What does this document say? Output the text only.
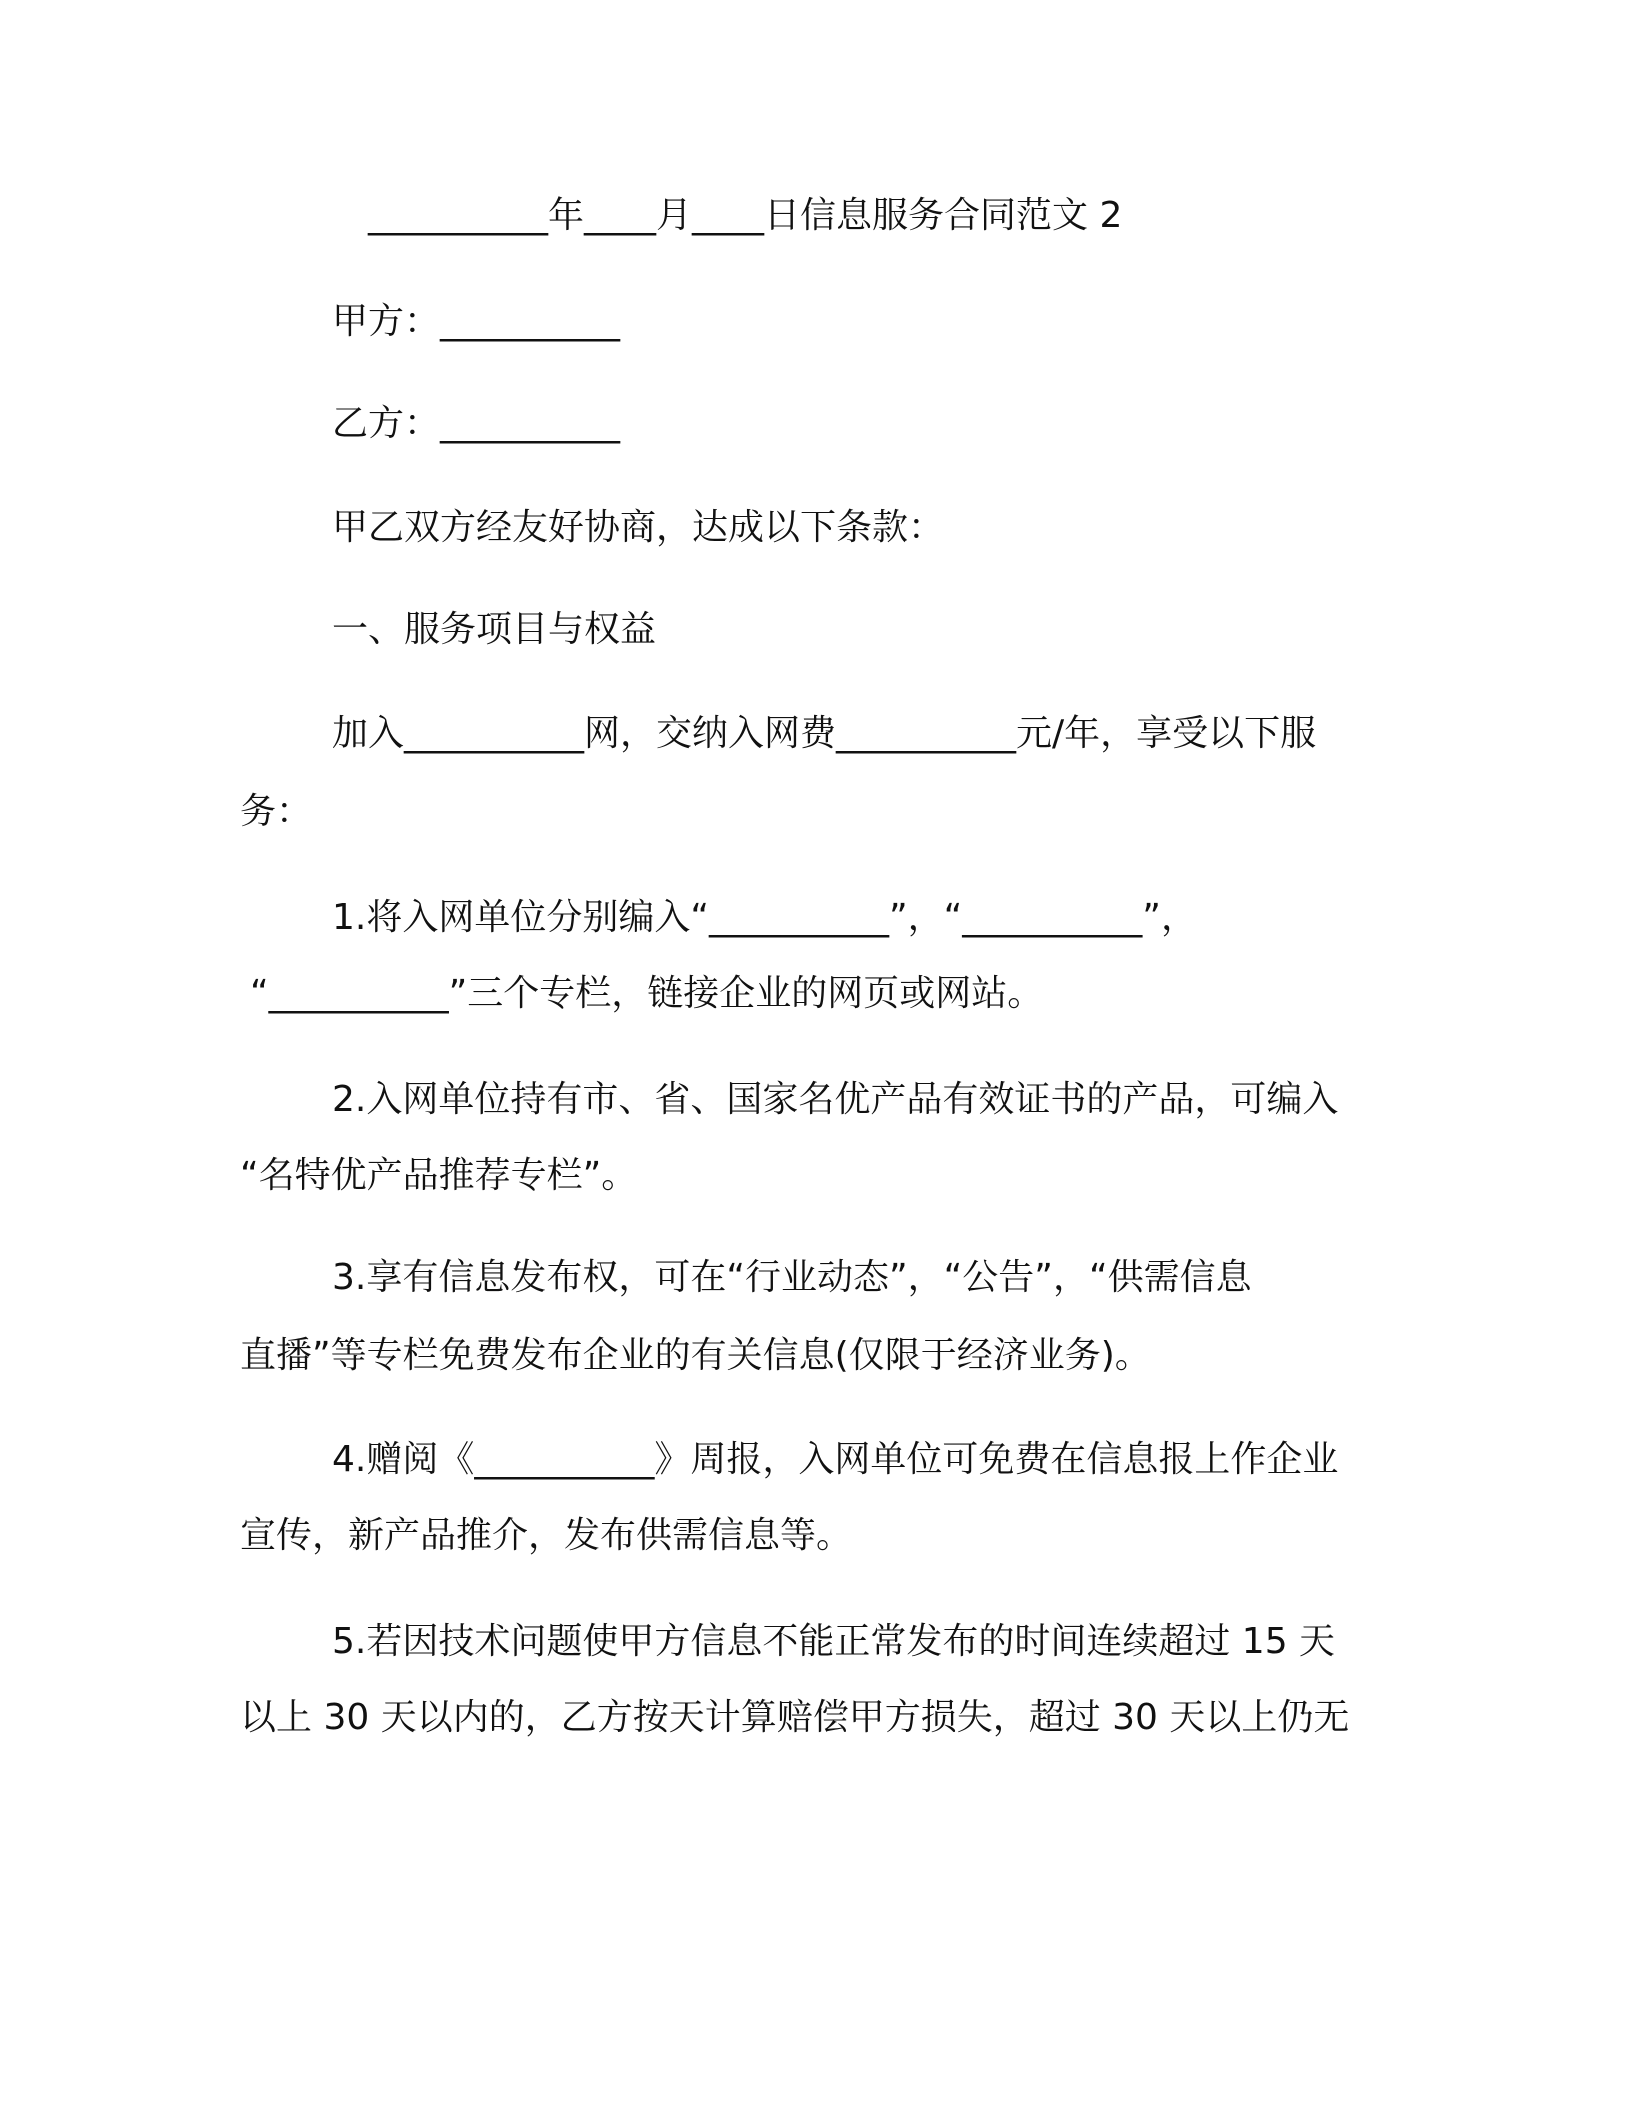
__________年____月____日信息服务合同范文 2
甲方：__________
乙方：__________
甲乙双方经友好协商，达成以下条款：
一、服务项目与权益
加入__________网，交纳入网费__________元/年，享受以下服
务：
1.将入网单位分别编入“__________”，“__________”，
“__________”三个专栏，链接企业的网页或网站。
2.入网单位持有市、省、国家名优产品有效证书的产品，可编入
“名特优产品推荐专栏”。
3.享有信息发布权，可在“行业动态”，“公告”，“供需信息
直播”等专栏免费发布企业的有关信息(仅限于经济业务)。
4.赠阅《__________》周报，入网单位可免费在信息报上作企业
宣传，新产品推介，发布供需信息等。
5.若因技术问题使甲方信息不能正常发布的时间连续超过 15 天
以上 30 天以内的，乙方按天计算赔偿甲方损失，超过 30 天以上仍无
